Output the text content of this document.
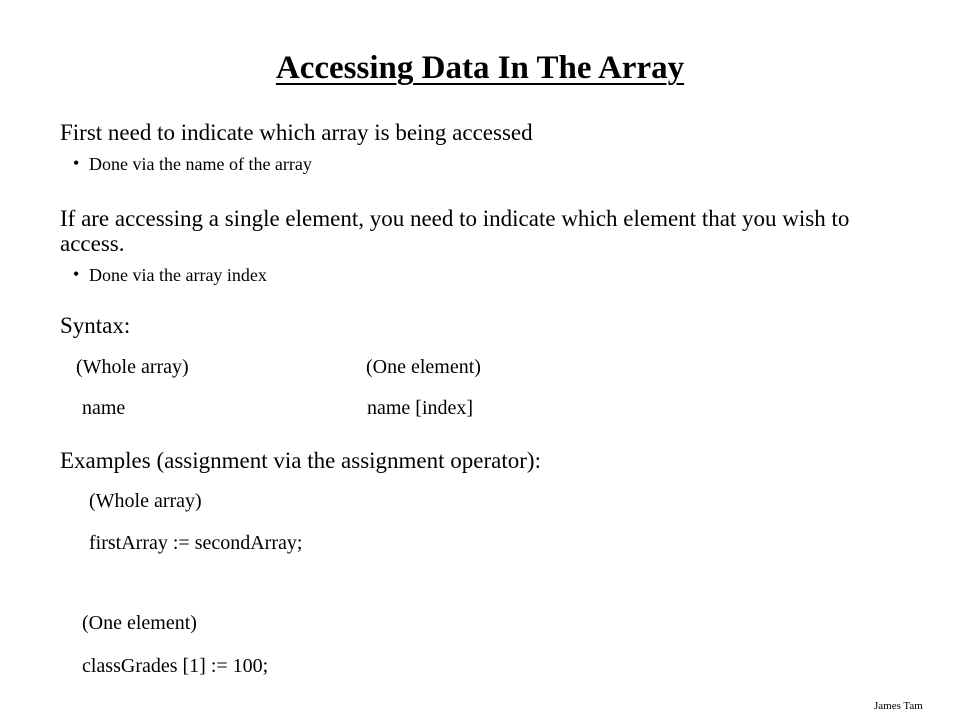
Accessing Data In The Array
First need to indicate which array is being accessed
• Done via the name of the array
If are accessing a single element, you need to indicate which element that you wish to access.
• Done via the array index
Syntax:
(Whole array)	(One element)
name	name [index]
Examples (assignment via the assignment operator):
(Whole array)
firstArray := secondArray;
(One element)
classGrades [1] := 100;
James Tam
